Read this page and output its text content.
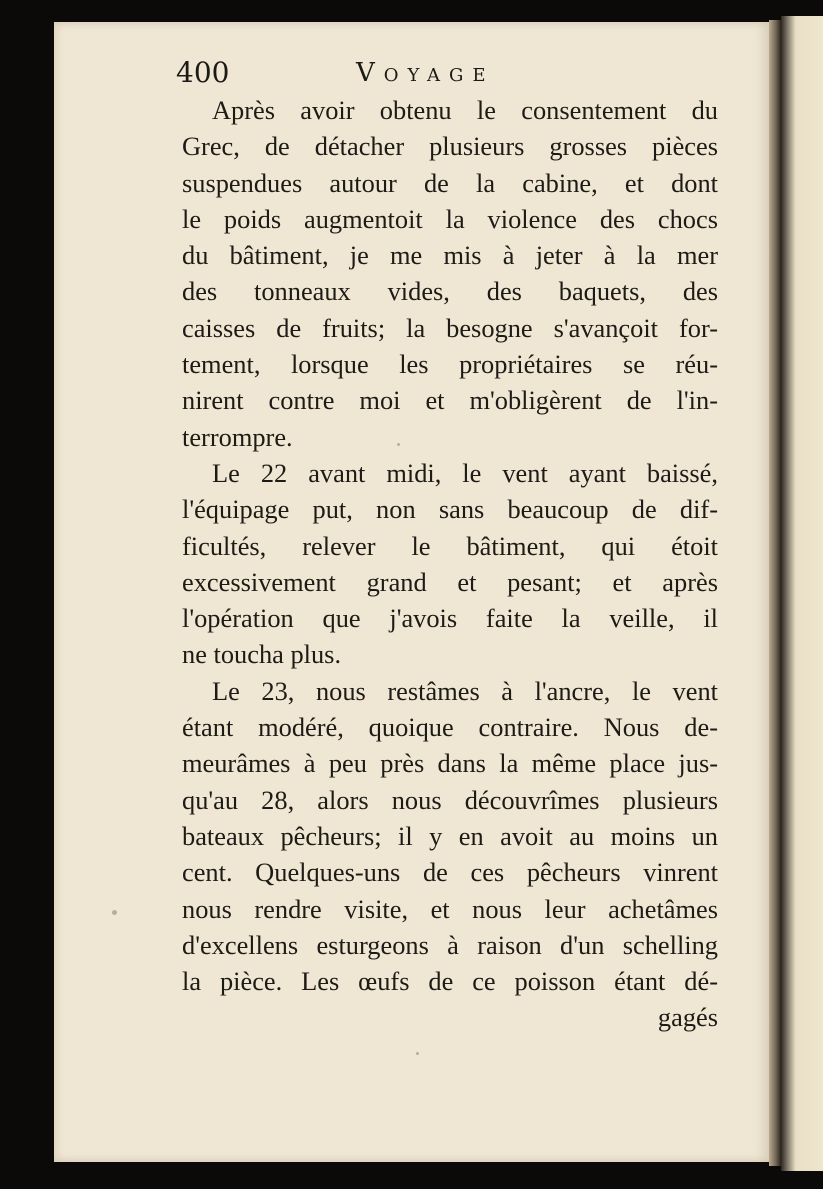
400	Voyage
Après avoir obtenu le consentement du
Grec, de détacher plusieurs grosses pièces
suspendues autour de la cabine, et dont
le poids augmentoit la violence des chocs
du bâtiment, je me mis à jeter à la mer
des tonneaux vides, des baquets, des
caisses de fruits; la besogne s'avançoit for-
tement, lorsque les propriétaires se réu-
nirent contre moi et m'obligèrent de l'in-
terrompre.
Le 22 avant midi, le vent ayant baissé,
l'équipage put, non sans beaucoup de dif-
ficultés, relever le bâtiment, qui étoit
excessivement grand et pesant; et après
l'opération que j'avois faite la veille, il
ne toucha plus.
Le 23, nous restâmes à l'ancre, le vent
étant modéré, quoique contraire. Nous de-
meurâmes à peu près dans la même place jus-
qu'au 28, alors nous découvrîmes plusieurs
bateaux pêcheurs; il y en avoit au moins un
cent. Quelques-uns de ces pêcheurs vinrent
nous rendre visite, et nous leur achetâmes
d'excellens esturgeons à raison d'un schelling
la pièce. Les œufs de ce poisson étant dé-
gagés
